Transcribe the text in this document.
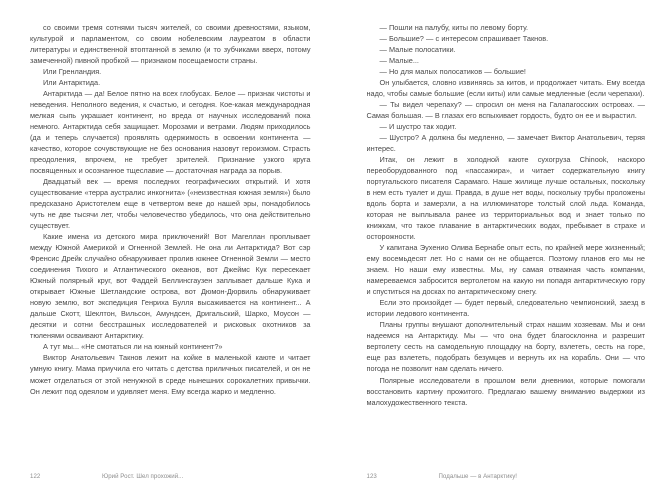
со своими тремя сотнями тысяч жителей, со своими древностями, языком, культурой и парламентом, со своим нобелевским лауреатом в области литературы и единственной втоптанной в землю (и то зубчиками вверх, потому замеченной) пивной пробкой — признаком посещаемости страны.

Или Гренландия.

Или Антарктида.

Антарктида — да! Белое пятно на всех глобусах. Белое — признак чистоты и неведения. Неполного ведения, к счастью, и сегодня. Кое-какая международная мелкая сыпь украшает континент, но вреда от научных исследований пока немного. Антарктида себя защищает. Морозами и ветрами. Людям приходилось (да и теперь случается) проявлять одержимость в освоении континента — качество, которое сочувствующие не без основания назовут героизмом. Страсть преодоления, впрочем, не требует зрителей. Признание узкого круга посвященных и осознанное тщеславие — достаточная награда за порыв.

Двадцатый век — время последних географических открытий. И хотя существование «терра аустралис инкогнита» («неизвестная южная земля») было предсказано Аристотелем еще в четвертом веке до нашей эры, понадобилось чуть не две тысячи лет, чтобы человечество убедилось, что она действительно существует.

Какие имена из детского мира приключений! Вот Магеллан проплывает между Южной Америкой и Огненной Землей. Не она ли Антарктида? Вот сэр Френсис Дрейк случайно обнаруживает пролив южнее Огненной Земли — место соединения Тихого и Атлантического океанов, вот Джеймс Кук пересекает Южный полярный круг, вот Фаддей Беллинсгаузен заплывает дальше Кука и открывает Южные Шетландские острова, вот Дюмон-Дюрвиль обнаруживает новую землю, вот экспедиция Генриха Булля высаживается на континент... А дальше Скотт, Шеклтон, Вильсон, Амундсен, Дригальский, Шарко, Моусон — десятки и сотни бесстрашных исследователей и рисковых охотников за тюленями осваивают Антарктику.

А тут мы... «Не смотаться ли на южный континент?»

Виктор Анатольевич Такнов лежит на койке в маленькой каюте и читает умную книгу. Мама приучила его читать с детства приличных писателей, и он не может отделаться от этой ненужной в среде нынешних сорокалетних привычки. Он лежит под одеялом и удивляет меня. Ему всегда жарко и медленно.

122	Юрий Рост. Шел прохожий...

— Пошли на палубу, киты по левому борту.

— Большие? — с интересом спрашивает Такнов.

— Малые полосатики.

— Малые...

— Но для малых полосатиков — большие!

Он улыбается, словно извиняясь за китов, и продолжает читать. Ему всегда надо, чтобы самые большие (если киты) или самые медленные (если черепахи).

— Ты видел черепаху? — спросил он меня на Галапагосских островах. — Самая большая. — В глазах его вспыхивает гордость, будто он ее и вырастил.

— И шустро так ходит.

— Шустро? А должна бы медленно, — замечает Виктор Анатольевич, теряя интерес.

Итак, он лежит в холодной каюте сухогруза Chinook, наскоро переоборудованного под «пассажира», и читает содержательную книгу португальского писателя Сарамаго. Наше жилище лучше остальных, поскольку в нем есть туалет и душ. Правда, в душе нет воды, поскольку трубы проложены вдоль борта и замерзли, а на иллюминаторе толстый слой льда. Команда, которая не выплывала ранее из территориальных вод и знает только по книжкам, что такое плавание в антарктических водах, пребывает в страхе и осторожности.

У капитана Эухенио Олива Бернабе опыт есть, по крайней мере жизненный; ему восемьдесят лет. Но с нами он не общается. Поэтому планов его мы не знаем. Но наши ему известны. Мы, ну самая отважная часть компании, намереваемся забросится вертолетом на какую ни попадя антарктическую гору и спуститься на досках по антарктическому снегу.

Если это произойдет — будет первый, следовательно чемпионский, заезд в истории ледового континента.

Планы группы внушают дополнительный страх нашим хозяевам. Мы и они надеемся на Антарктиду. Мы — что она будет благосклонна и разрешит вертолету сесть на самодельную площадку на борту, взлететь, сесть на горе, еще раз взлететь, подобрать безумцев и вернуть их на корабль. Они — что погода не позволит нам сделать ничего.

Полярные исследователи в прошлом вели дневники, которые помогали восстановить картину прожитого. Предлагаю вашему вниманию выдержки из малохудожественного текста.

123	Подальше — в Антарктику!
